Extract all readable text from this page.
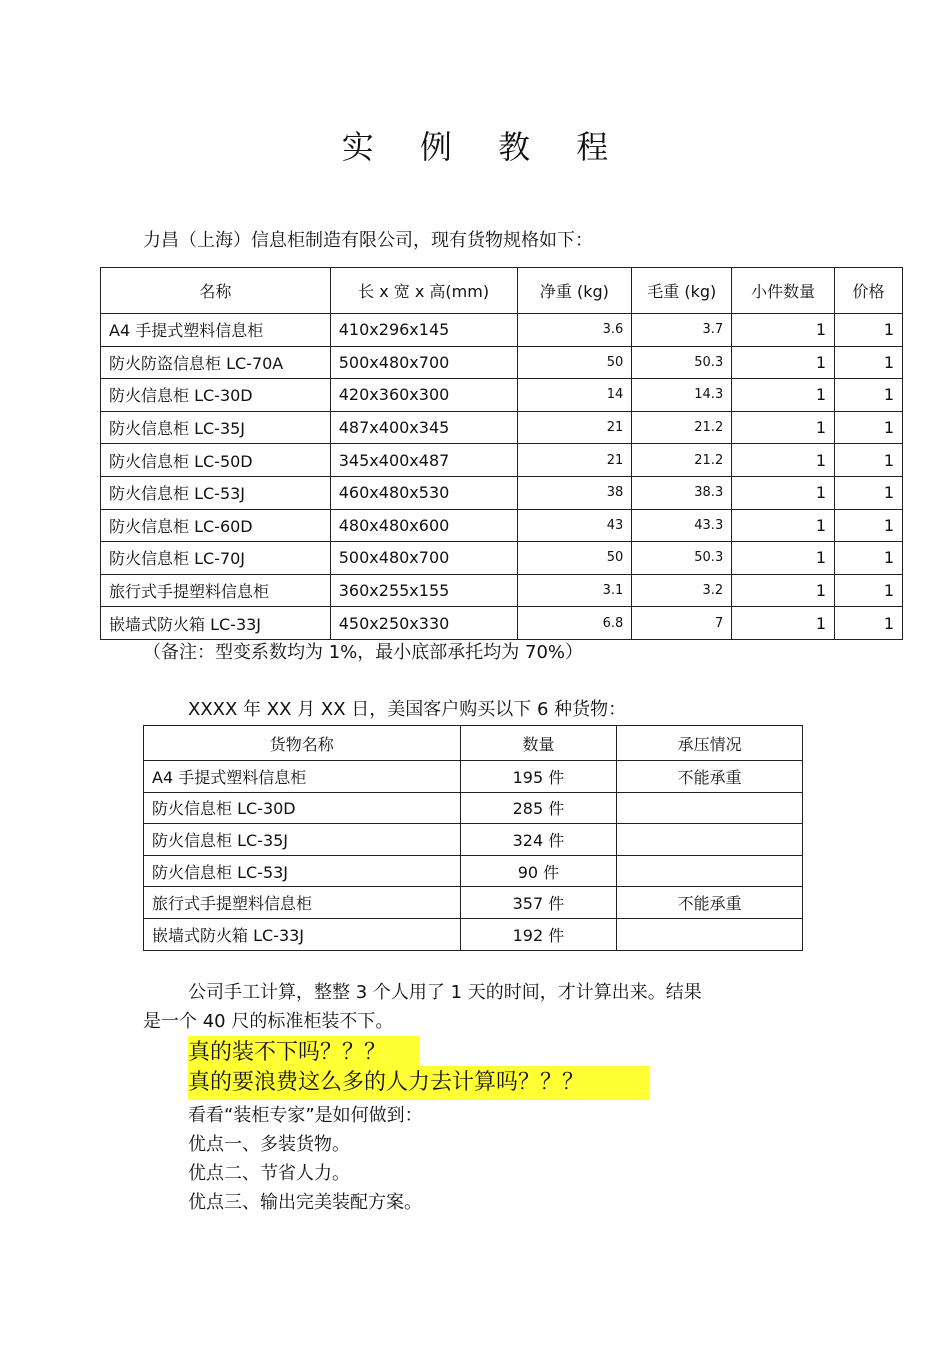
实 例 教 程
力昌（上海）信息柜制造有限公司，现有货物规格如下：
名称	长 x 宽 x 高(mm)	净重 (kg)	毛重 (kg)	小件数量	价格
A4 手提式塑料信息柜	410x296x145	3.6	3.7	1	1
防火防盗信息柜 LC-70A	500x480x700	50	50.3	1	1
防火信息柜 LC-30D	420x360x300	14	14.3	1	1
防火信息柜 LC-35J	487x400x345	21	21.2	1	1
防火信息柜 LC-50D	345x400x487	21	21.2	1	1
防火信息柜 LC-53J	460x480x530	38	38.3	1	1
防火信息柜 LC-60D	480x480x600	43	43.3	1	1
防火信息柜 LC-70J	500x480x700	50	50.3	1	1
旅行式手提塑料信息柜	360x255x155	3.1	3.2	1	1
嵌墙式防火箱 LC-33J	450x250x330	6.8	7	1	1
（备注：型变系数均为 1%，最小底部承托均为 70%）
XXXX 年 XX 月 XX 日，美国客户购买以下 6 种货物：
货物名称	数量	承压情况
A4 手提式塑料信息柜	195 件	不能承重
防火信息柜 LC-30D	285 件	
防火信息柜 LC-35J	324 件	
防火信息柜 LC-53J	90 件	
旅行式手提塑料信息柜	357 件	不能承重
嵌墙式防火箱 LC-33J	192 件	
公司手工计算，整整 3 个人用了 1 天的时间，才计算出来。结果
是一个 40 尺的标准柜装不下。
真的装不下吗？？？
真的要浪费这么多的人力去计算吗？？？
看看“装柜专家”是如何做到：
优点一、多装货物。
优点二、节省人力。
优点三、输出完美装配方案。
